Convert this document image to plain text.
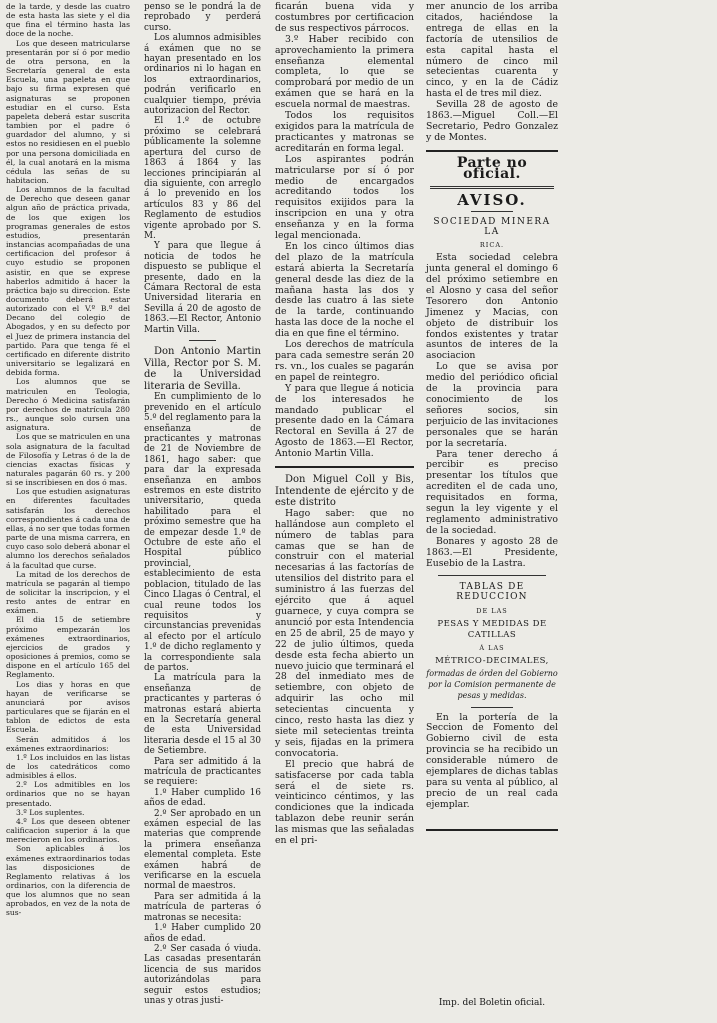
de la tarde, y desde las cuatro de esta hasta las siete y el dia que fina el término hasta las doce de la noche.

Los que deseen matricularse presentarán por sí ó por medio de otra persona, en la Secretaría general de esta Escuela, una papeleta en que bajo su firma expresen qué asignaturas se proponen estudiar en el curso. Esta papeleta deberá estar suscrita tambien por el padre ó guardador del alumno, y si estos no residiesen en el pueblo por una persona domiciliada en él, la cual anotará en la misma cédula las señas de su habitacion.

Los alumnos de la facultad de Derecho que deseen ganar algun año de práctica privada, de los que exigen los programas generales de estos estudios, presentarán instancias acompañadas de una certificacion del profesor á cuyo estudio se proponen asistir, en que se exprese haberlos admitido á hacer la práctica bajo su direccion. Este documento deberá estar autorizado con el V.º B.º del Decano del colegio de Abogados, y en su defecto por el Juez de primera instancia del partido. Para que tenga fé el certificado en diferente distrito universitario se legalizará en debida forma.

Los alumnos que se matriculen en Teologia, Derecho ó Medicina satisfarán por derechos de matrícula 280 rs., aunque solo cursen una asignatura.

Los que se matriculen en una sola asignatura de la facultad de Filosofía y Letras ó de la de ciencias exactas físicas y naturales pagarán 60 rs. y 200 si se inscribiesen en dos ó mas.

Los que estudien asignaturas en diferentes facultades satisfarán los derechos correspondientes á cada una de ellas, á no ser que todas formen parte de una misma carrera, en cuyo caso solo deberá abonar el alumno los derechos señalados á la facultad que curse.

La mitad de los derechos de matrícula se pagarán al tiempo de solicitar la inscripcion, y el resto antes de entrar en exámen.

El dia 15 de setiembre próximo empezarán los exámenes extraordinarios, ejercicios de grados y oposiciones á premios, como se dispone en el artículo 165 del Reglamento.

Los dias y horas en que hayan de verificarse se anunciará por avisos particulares que se fijarán en el tablon de edictos de esta Escuela.

Serán admitidos á los exámenes extraordinarios:

1.º Los incluidos en las listas de los catedráticos como admisibles á ellos.

2.º Los admitibles en los ordinarios que no se hayan presentado.

3.º Los suplentes.

4.º Los que deseen obtener calificacion superior á la que merecieron en los ordinarios.

Son aplicables á los exámenes extraordinarios todas las disposiciones de Reglamento relativas á los ordinarios, con la diferencia de que los alumnos que no sean aprobados, en vez de la nota de sus-

penso se le pondrá la de reprobado y perderá curso.

Los alumnos admisibles á exámen que no se hayan presentado en los ordinarios ni lo hagan en los extraordinarios, podrán verificarlo en cualquier tiempo, prévia autorizacion del Rector.

El 1.º de octubre próximo se celebrará públicamente la solemne apertura del curso de 1863 á 1864 y las lecciones principiarán al dia siguiente, con arreglo á lo prevenido en los artículos 83 y 86 del Reglamento de estudios vigente aprobado por S. M.

Y para que llegue á noticia de todos he dispuesto se publique el presente, dado en la Cámara Rectoral de esta Universidad literaria en Sevilla á 20 de agosto de 1863.—El Rector, Antonio Martin Villa.

Don Antonio Martin Villa, Rector por S. M. de la Universidad literaria de Sevilla.

En cumplimiento de lo prevenido en el artículo 5.º del reglamento para la enseñanza de practicantes y matronas de 21 de Noviembre de 1861, hago saber: que para dar la expresada enseñanza en ambos estremos en este distrito universitario, queda habilitado para el próximo semestre que ha de empezar desde 1.º de Octubre de este año el Hospital público provincial, establecimiento de esta poblacion, titulado de las Cinco Llagas ó Central, el cual reune todos los requisitos y circunstancias prevenidas al efecto por el artículo 1.º de dicho reglamento y la correspondiente sala de partos.

La matrícula para la enseñanza de practicantes y parteras ó matronas estará abierta en la Secretaría general de esta Universidad literaria desde el 15 al 30 de Setiembre.

Para ser admitido á la matrícula de practicantes se requiere:

1.º Haber cumplido 16 años de edad.

2.º Ser aprobado en un exámen especial de las materias que comprende la primera enseñanza elemental completa. Este exámen habrá de verificarse en la escuela normal de maestros.

Para ser admitida á la matrícula de parteras ó matronas se necesita:

1.º Haber cumplido 20 años de edad.

2.º Ser casada ó viuda. Las casadas presentarán licencia de sus maridos autorizándolas para seguir estos estudios; unas y otras justi-

ficarán buena vida y costumbres por certificacion de sus respectivos párrocos.

3.º Haber recibido con aprovechamiento la primera enseñanza elemental completa, lo que se comprobará por medio de un exámen que se hará en la escuela normal de maestras.

Todos los requisitos exigidos para la matrícula de practicantes y matronas se acreditarán en forma legal.

Los aspirantes podrán matricularse por sí ó por medio de encargados acreditando todos los requisitos exijidos para la inscripcion en una y otra enseñanza y en la forma legal mencionada.

En los cinco últimos dias del plazo de la matrícula estará abierta la Secretaría general desde las diez de la mañana hasta las dos y desde las cuatro á las siete de la tarde, continuando hasta las doce de la noche el dia en que fine el término.

Los derechos de matrícula para cada semestre serán 20 rs. vn., los cuales se pagarán en papel de reintegro.

Y para que llegue á noticia de los interesados he mandado publicar el presente dado en la Cámara Rectoral en Sevilla á 27 de Agosto de 1863.—El Rector, Antonio Martin Villa.

Don Miguel Coll y Bis, Intendente de ejército y de este distrito

Hago saber: que no hallándose aun completo el número de tablas para camas que se han de construir con el material necesarias á las factorías de utensilios del distrito para el suministro á las fuerzas del ejército que á aquel guarnece, y cuya compra se anunció por esta Intendencia en 25 de abril, 25 de mayo y 22 de julio últimos, queda desde esta fecha abierto un nuevo juicio que terminará el 28 del inmediato mes de setiembre, con objeto de adquirir las ocho mil setecientas cincuenta y cinco, resto hasta las diez y siete mil setecientas treinta y seis, fijadas en la primera convocatoria.

El precio que habrá de satisfacerse por cada tabla será el de siete rs. veinticinco céntimos, y las condiciones que la indicada tablazon debe reunir serán las mismas que las señaladas en el pri-

mer anuncio de los arriba citados, haciéndose la entrega de ellas en la factoría de utensilios de esta capital hasta el número de cinco mil setecientas cuarenta y cinco, y en la de Cádiz hasta el de tres mil diez.

Sevilla 28 de agosto de 1863.—Miguel Coll.—El Secretario, Pedro Gonzalez y de Montes.

Parte no oficial.
AVISO.
SOCIEDAD MINERA LA
RICA.

Esta sociedad celebra junta general el domingo 6 del próximo setiembre en el Alosno y casa del señor Tesorero don Antonio Jimenez y Macias, con objeto de distribuir los fondos existentes y tratar asuntos de interes de la asociacion

Lo que se avisa por medio del periódico oficial de la provincia para conocimiento de los señores socios, sin perjuicio de las invitaciones personales que se harán por la secretaría.

Para tener derecho á percibir es preciso presentar los títulos que acrediten el de cada uno, requisitados en forma, segun la ley vigente y el reglamento administrativo de la sociedad.

Bonares y agosto 28 de 1863.—El Presidente, Eusebio de la Lastra.

TABLAS DE REDUCCION
DE LAS
PESAS Y MEDIDAS DE CATILLAS
Á LAS
MÉTRICO-DECIMALES,
formadas de órden del Gobierno por la Comision permanente de pesas y medidas.

En la portería de la Seccion de Fomento del Gobierno civil de esta provincia se ha recibido un considerable número de ejemplares de dichas tablas para su venta al público, al precio de un real cada ejemplar.

Imp. del Boletin oficial.
